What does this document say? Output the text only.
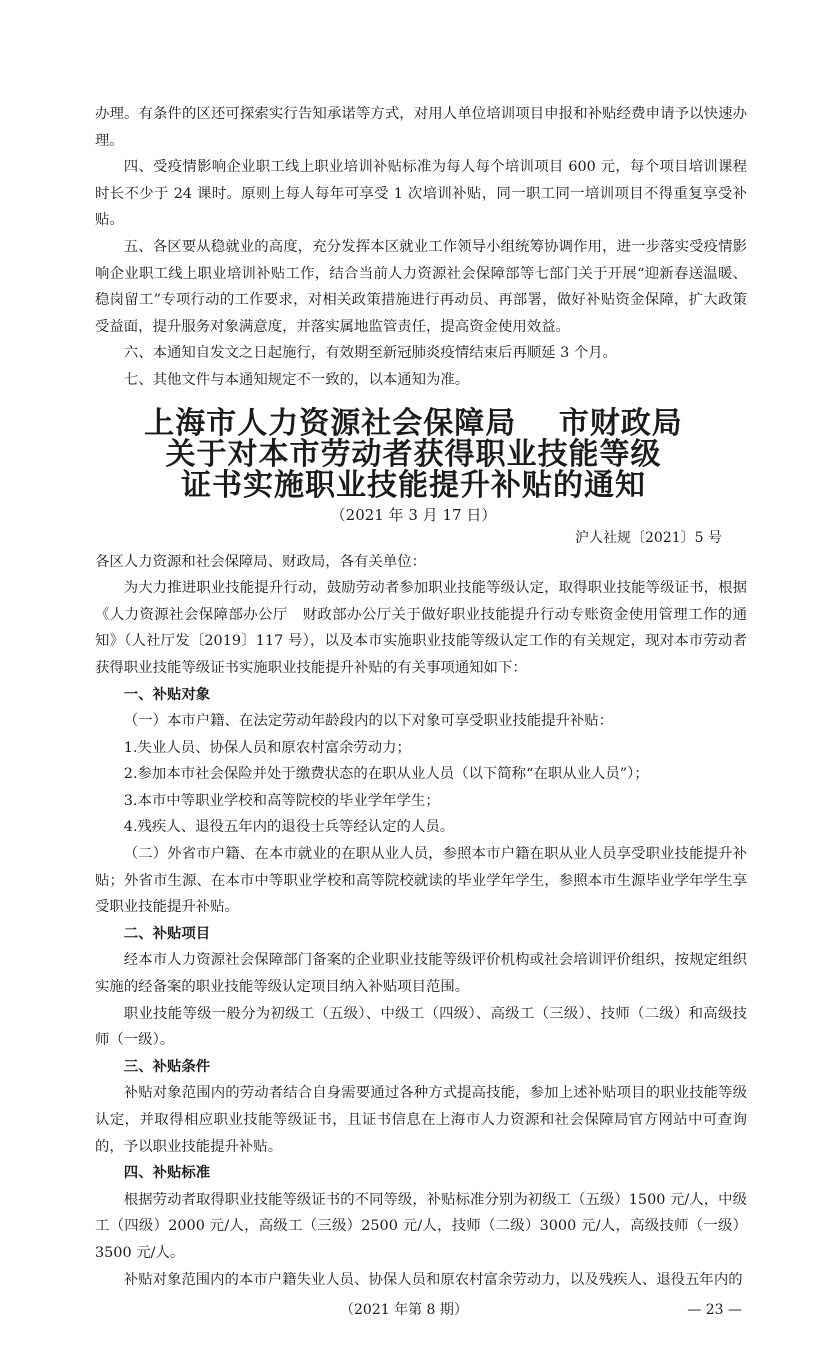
办理。有条件的区还可探索实行告知承诺等方式，对用人单位培训项目申报和补贴经费申请予以快速办理。

四、受疫情影响企业职工线上职业培训补贴标准为每人每个培训项目 600 元，每个项目培训课程时长不少于 24 课时。原则上每人每年可享受 1 次培训补贴，同一职工同一培训项目不得重复享受补贴。

五、各区要从稳就业的高度，充分发挥本区就业工作领导小组统筹协调作用，进一步落实受疫情影响企业职工线上职业培训补贴工作，结合当前人力资源社会保障部等七部门关于开展“迎新春送温暖、稳岗留工”专项行动的工作要求，对相关政策措施进行再动员、再部署，做好补贴资金保障，扩大政策受益面，提升服务对象满意度，并落实属地监管责任，提高资金使用效益。

六、本通知自发文之日起施行，有效期至新冠肺炎疫情结束后再顺延 3 个月。

七、其他文件与本通知规定不一致的，以本通知为准。

上海市人力资源社会保障局　 市财政局
关于对本市劳动者获得职业技能等级
证书实施职业技能提升补贴的通知
（2021 年 3 月 17 日）
沪人社规〔2021〕5 号

各区人力资源和社会保障局、财政局，各有关单位：

为大力推进职业技能提升行动，鼓励劳动者参加职业技能等级认定，取得职业技能等级证书，根据《人力资源社会保障部办公厅　财政部办公厅关于做好职业技能提升行动专账资金使用管理工作的通知》（人社厅发〔2019〕117 号），以及本市实施职业技能等级认定工作的有关规定，现对本市劳动者获得职业技能等级证书实施职业技能提升补贴的有关事项通知如下：

一、补贴对象

（一）本市户籍、在法定劳动年龄段内的以下对象可享受职业技能提升补贴：

1.失业人员、协保人员和原农村富余劳动力；

2.参加本市社会保险并处于缴费状态的在职从业人员（以下简称“在职从业人员”）；

3.本市中等职业学校和高等院校的毕业学年学生；

4.残疾人、退役五年内的退役士兵等经认定的人员。

（二）外省市户籍、在本市就业的在职从业人员，参照本市户籍在职从业人员享受职业技能提升补贴；外省市生源、在本市中等职业学校和高等院校就读的毕业学年学生，参照本市生源毕业学年学生享受职业技能提升补贴。

二、补贴项目

经本市人力资源社会保障部门备案的企业职业技能等级评价机构或社会培训评价组织，按规定组织实施的经备案的职业技能等级认定项目纳入补贴项目范围。

职业技能等级一般分为初级工（五级）、中级工（四级）、高级工（三级）、技师（二级）和高级技师（一级）。

三、补贴条件

补贴对象范围内的劳动者结合自身需要通过各种方式提高技能，参加上述补贴项目的职业技能等级认定，并取得相应职业技能等级证书，且证书信息在上海市人力资源和社会保障局官方网站中可查询的，予以职业技能提升补贴。

四、补贴标准

根据劳动者取得职业技能等级证书的不同等级，补贴标准分别为初级工（五级）1500 元/人，中级工（四级）2000 元/人，高级工（三级）2500 元/人，技师（二级）3000 元/人，高级技师（一级）3500 元/人。

补贴对象范围内的本市户籍失业人员、协保人员和原农村富余劳动力，以及残疾人、退役五年内的

（2021 年第 8 期）	— 23 —
